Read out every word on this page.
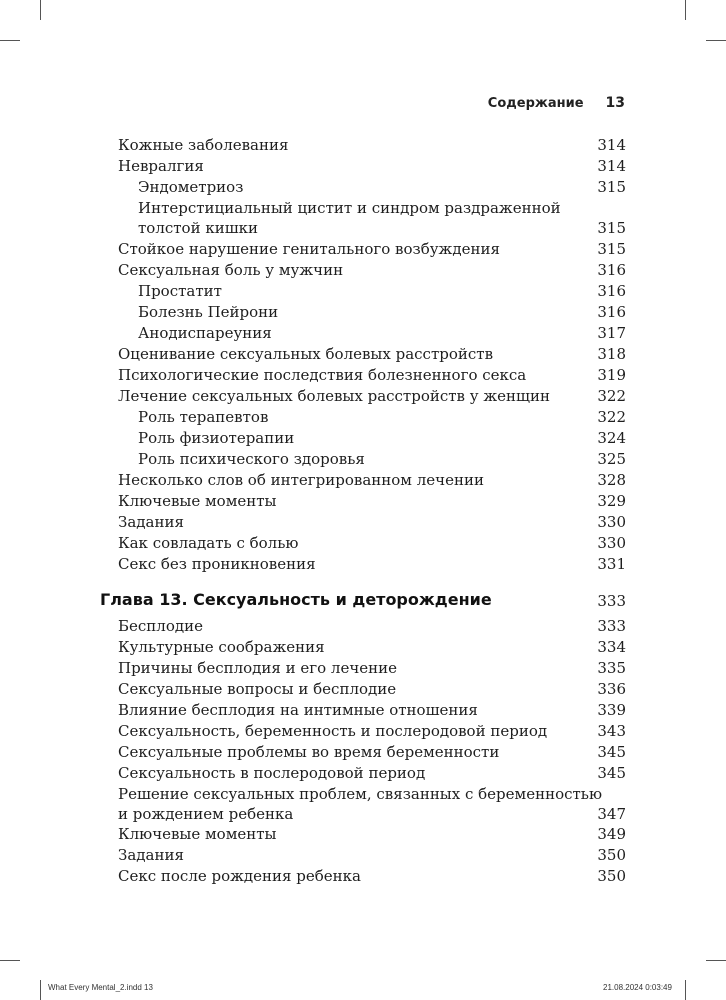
Содержание 13
Кожные заболевания	314
Невралгия	314
Эндометриоз	315
Интерстициальный цистит и синдром раздраженной
толстой кишки	315
Стойкое нарушение генитального возбуждения	315
Сексуальная боль у мужчин	316
Простатит	316
Болезнь Пейрони	316
Анодиспареуния	317
Оценивание сексуальных болевых расстройств	318
Психологические последствия болезненного секса	319
Лечение сексуальных болевых расстройств у женщин	322
Роль терапевтов	322
Роль физиотерапии	324
Роль психического здоровья	325
Несколько слов об интегрированном лечении	328
Ключевые моменты	329
Задания	330
Как совладать с болью	330
Секс без проникновения	331
Глава 13. Сексуальность и деторождение	333
Бесплодие	333
Культурные соображения	334
Причины бесплодия и его лечение	335
Сексуальные вопросы и бесплодие	336
Влияние бесплодия на интимные отношения	339
Сексуальность, беременность и послеродовой период	343
Сексуальные проблемы во время беременности	345
Сексуальность в послеродовой период	345
Решение сексуальных проблем, связанных с беременностью
и рождением ребенка	347
Ключевые моменты	349
Задания	350
Секс после рождения ребенка	350
What Every Mental_2.indd 13	21.08.2024 0:03:49
